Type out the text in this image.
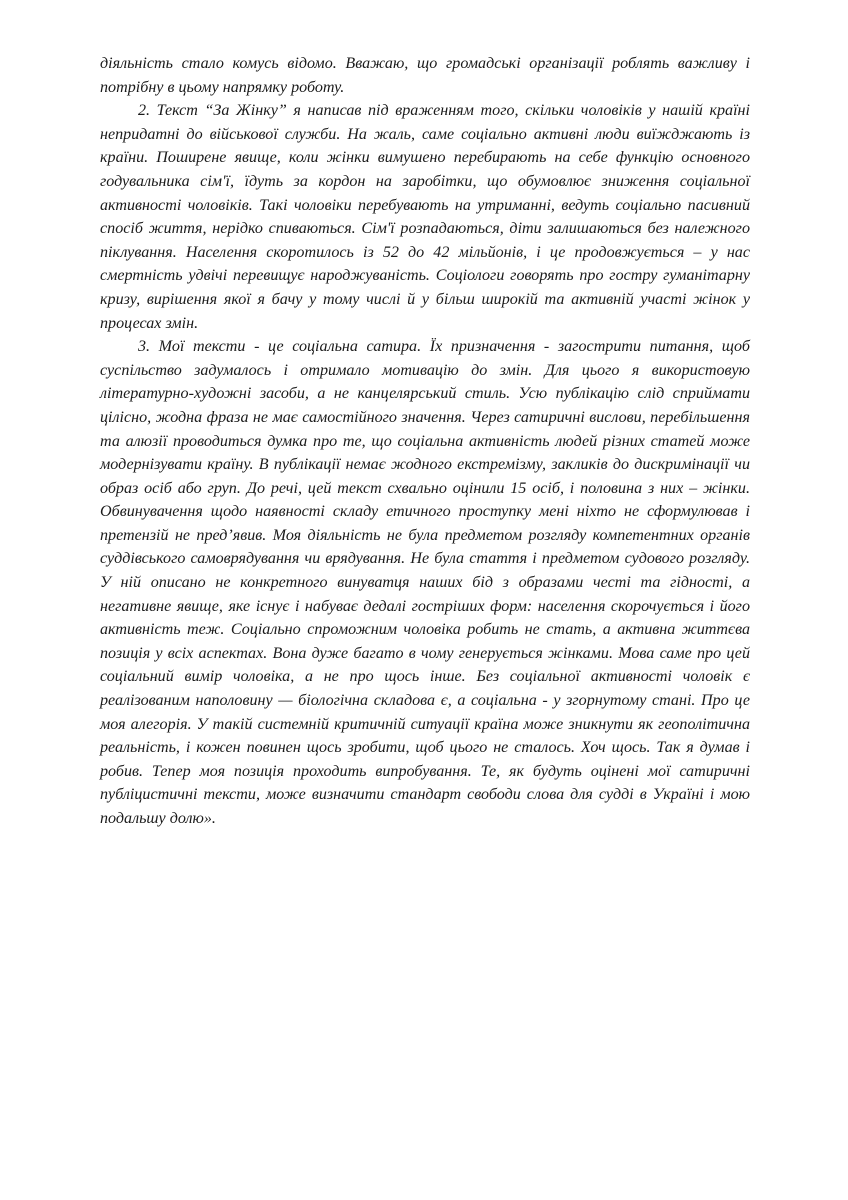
діяльність стало комусь відомо. Вважаю, що громадські організації роблять важливу і потрібну в цьому напрямку роботу.

2. Текст “За Жінку” я написав під враженням того, скільки чоловіків у нашій країні непридатні до військової служби. На жаль, саме соціально активні люди виїжджають із країни. Поширене явище, коли жінки вимушено перебирають на себе функцію основного годувальника сім'ї, їдуть за кордон на заробітки, що обумовлює зниження соціальної активності чоловіків. Такі чоловіки перебувають на утриманні, ведуть соціально пасивний спосіб життя, нерідко спиваються. Сім'ї розпадаються, діти залишаються без належного піклування. Населення скоротилось із 52 до 42 мільйонів, і це продовжується – у нас смертність удвічі перевищує народжуваність. Соціологи говорять про гостру гуманітарну кризу, вирішення якої я бачу у тому числі й у більш широкій та активній участі жінок у процесах змін.

3. Мої тексти - це соціальна сатира. Їх призначення - загострити питання, щоб суспільство задумалось і отримало мотивацію до змін. Для цього я використовую літературно-художні засоби, а не канцелярський стиль. Усю публікацію слід сприймати цілісно, жодна фраза не має самостійного значення. Через сатиричні вислови, перебільшення та алюзії проводиться думка про те, що соціальна активність людей різних статей може модернізувати країну. В публікації немає жодного екстремізму, закликів до дискримінації чи образ осіб або груп. До речі, цей текст схвально оцінили 15 осіб, і половина з них – жінки. Обвинувачення щодо наявності складу етичного проступку мені ніхто не сформулював і претензій не пред’явив. Моя діяльність не була предметом розгляду компетентних органів суддівського самоврядування чи врядування. Не була стаття і предметом судового розгляду. У ній описано не конкретного винуватця наших бід з образами честі та гідності, а негативне явище, яке існує і набуває дедалі гостріших форм: населення скорочується і його активність теж. Соціально спроможним чоловіка робить не стать, а активна життєва позиція у всіх аспектах. Вона дуже багато в чому генерується жінками. Мова саме про цей соціальний вимір чоловіка, а не про щось інше. Без соціальної активності чоловік є реалізованим наполовину — біологічна складова є, а соціальна - у згорнутому стані. Про це моя алегорія. У такій системній критичній ситуації країна може зникнути як геополітична реальність, і кожен повинен щось зробити, щоб цього не сталось. Хоч щось. Так я думав і робив. Тепер моя позиція проходить випробування. Те, як будуть оцінені мої сатиричні публіцистичні тексти, може визначити стандарт свободи слова для судді в Україні і мою подальшу долю».
